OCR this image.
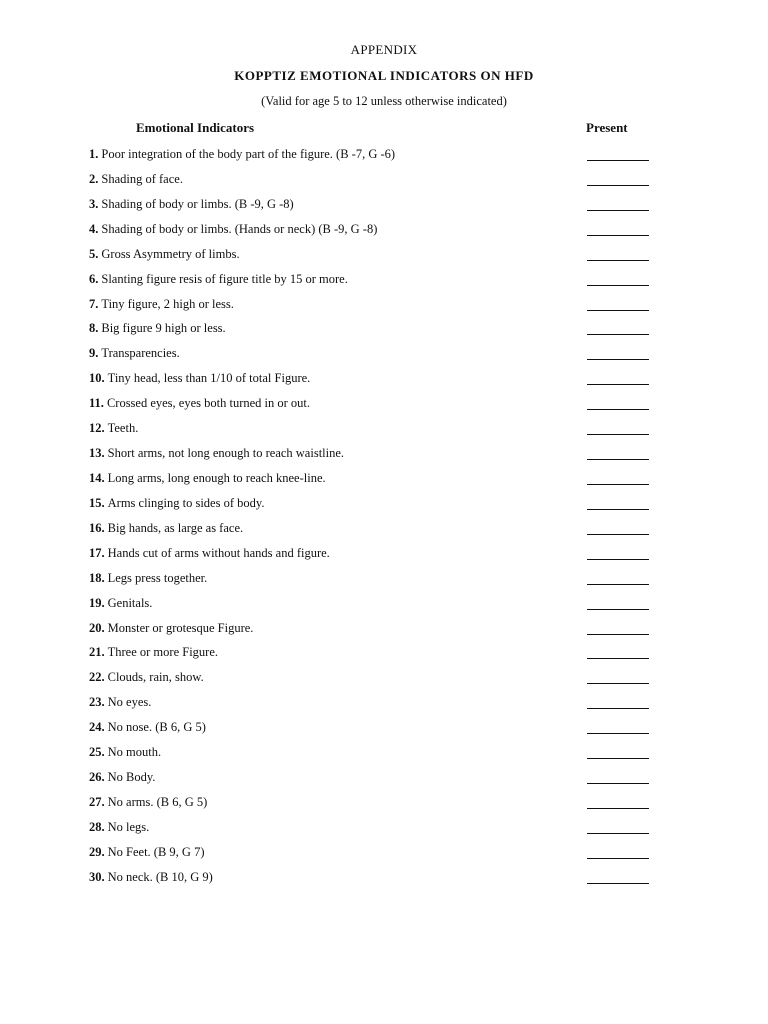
APPENDIX
KOPPTIZ EMOTIONAL INDICATORS ON HFD
(Valid for age 5 to 12 unless otherwise indicated)
Emotional Indicators	Present
1. Poor integration of the body part of the figure. (B -7, G -6)
2. Shading of face.
3. Shading of body or limbs. (B -9, G -8)
4. Shading of body or limbs. (Hands or neck) (B -9, G -8)
5. Gross Asymmetry of limbs.
6. Slanting figure resis of figure title by 15 or more.
7. Tiny figure, 2 high or less.
8. Big figure 9 high or less.
9. Transparencies.
10. Tiny head, less than 1/10 of total Figure.
11. Crossed eyes, eyes both turned in or out.
12. Teeth.
13. Short arms, not long enough to reach waistline.
14. Long arms, long enough to reach knee-line.
15. Arms clinging to sides of body.
16. Big hands, as large as face.
17. Hands cut of arms without hands and figure.
18. Legs press together.
19. Genitals.
20. Monster or grotesque Figure.
21. Three or more Figure.
22. Clouds, rain, show.
23. No eyes.
24. No nose. (B 6, G 5)
25. No mouth.
26. No Body.
27. No arms. (B 6, G 5)
28. No legs.
29. No Feet. (B 9, G 7)
30. No neck. (B 10, G 9)
